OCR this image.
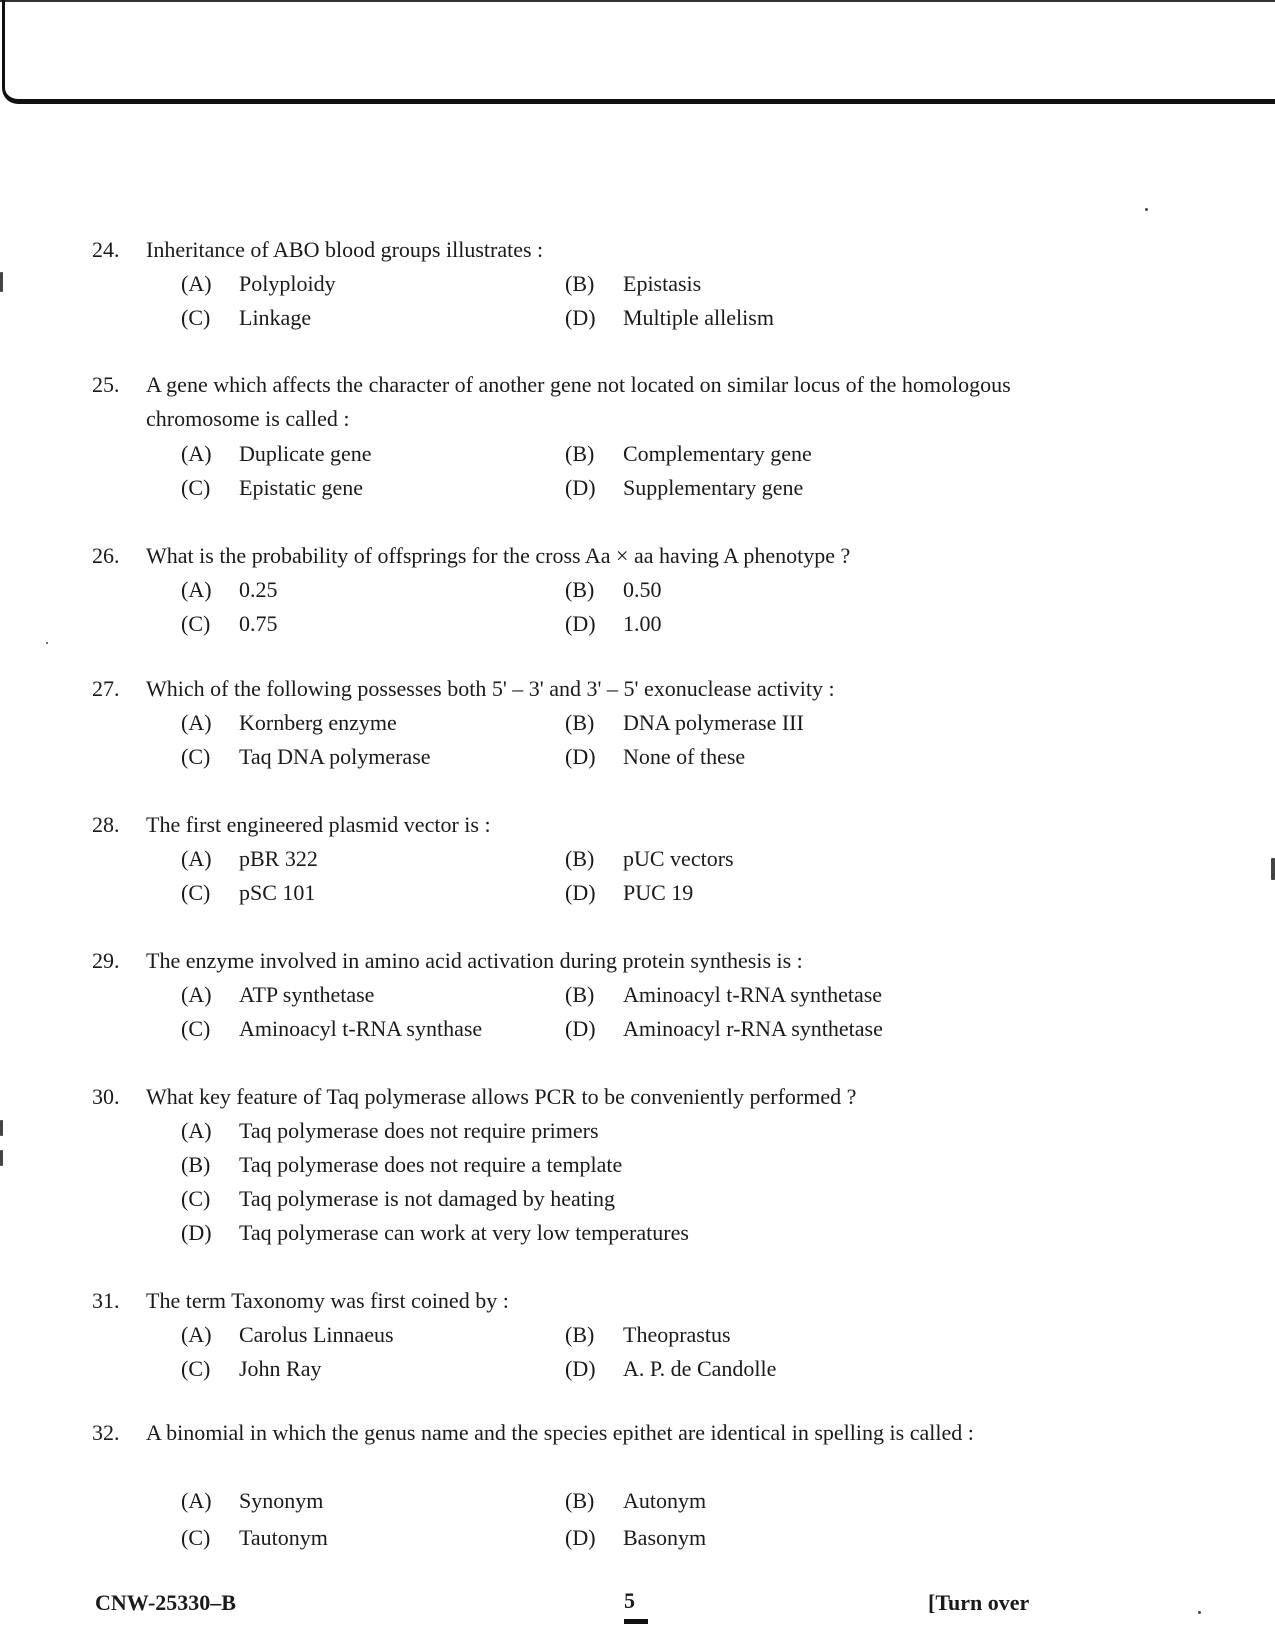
24.	Inheritance of ABO blood groups illustrates :
(A) Polyploidy	(B) Epistasis
(C) Linkage	(D) Multiple allelism
25.	A gene which affects the character of another gene not located on similar locus of the homologous chromosome is called :
(A) Duplicate gene	(B) Complementary gene
(C) Epistatic gene	(D) Supplementary gene
26.	What is the probability of offsprings for the cross Aa × aa having A phenotype ?
(A) 0.25	(B) 0.50
(C) 0.75	(D) 1.00
27.	Which of the following possesses both 5' – 3' and 3' – 5' exonuclease activity :
(A) Kornberg enzyme	(B) DNA polymerase III
(C) Taq DNA polymerase	(D) None of these
28.	The first engineered plasmid vector is :
(A) pBR 322	(B) pUC vectors
(C) pSC 101	(D) PUC 19
29.	The enzyme involved in amino acid activation during protein synthesis is :
(A) ATP synthetase	(B) Aminoacyl t-RNA synthetase
(C) Aminoacyl t-RNA synthase	(D) Aminoacyl r-RNA synthetase
30.	What key feature of Taq polymerase allows PCR to be conveniently performed ?
(A) Taq polymerase does not require primers
(B) Taq polymerase does not require a template
(C) Taq polymerase is not damaged by heating
(D) Taq polymerase can work at very low temperatures
31.	The term Taxonomy was first coined by :
(A) Carolus Linnaeus	(B) Theoprastus
(C) John Ray	(D) A. P. de Candolle
32.	A binomial in which the genus name and the species epithet are identical in spelling is called :
(A) Synonym	(B) Autonym
(C) Tautonym	(D) Basonym
CNW-25330–B	5	[Turn over
